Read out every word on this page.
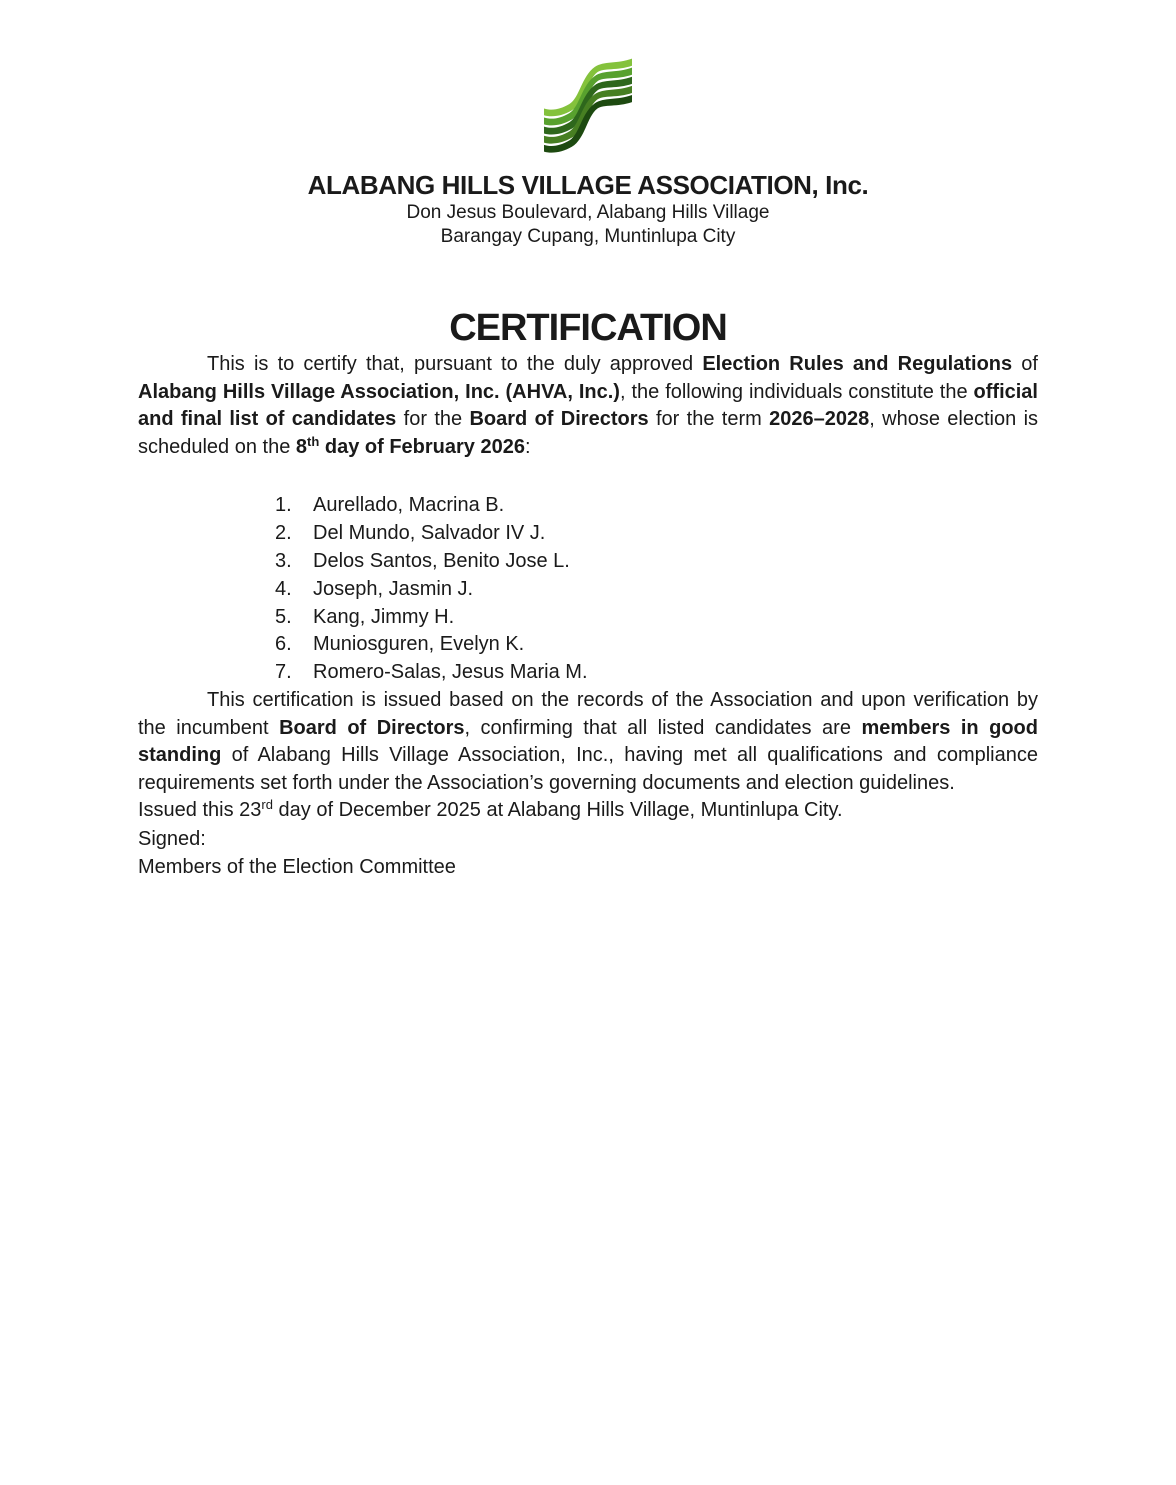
ALABANG HILLS VILLAGE ASSOCIATION, Inc.
Don Jesus Boulevard, Alabang Hills Village
Barangay Cupang, Muntinlupa City
CERTIFICATION

This is to certify that, pursuant to the duly approved Election Rules and Regulations of Alabang Hills Village Association, Inc. (AHVA, Inc.), the following individuals constitute the official and final list of candidates for the Board of Directors for the term 2026–2028, whose election is scheduled on the 8th day of February 2026:

1.	Aurellado, Macrina B.
2.	Del Mundo, Salvador IV J.
3.	Delos Santos, Benito Jose L.
4.	Joseph, Jasmin J.
5.	Kang, Jimmy H.
6.	Muniosguren, Evelyn K.
7.	Romero-Salas, Jesus Maria M.

This certification is issued based on the records of the Association and upon verification by the incumbent Board of Directors, confirming that all listed candidates are members in good standing of Alabang Hills Village Association, Inc., having met all qualifications and compliance requirements set forth under the Association’s governing documents and election guidelines.

Issued this 23rd day of December 2025 at Alabang Hills Village, Muntinlupa City.

Signed:

Members of the Election Committee
